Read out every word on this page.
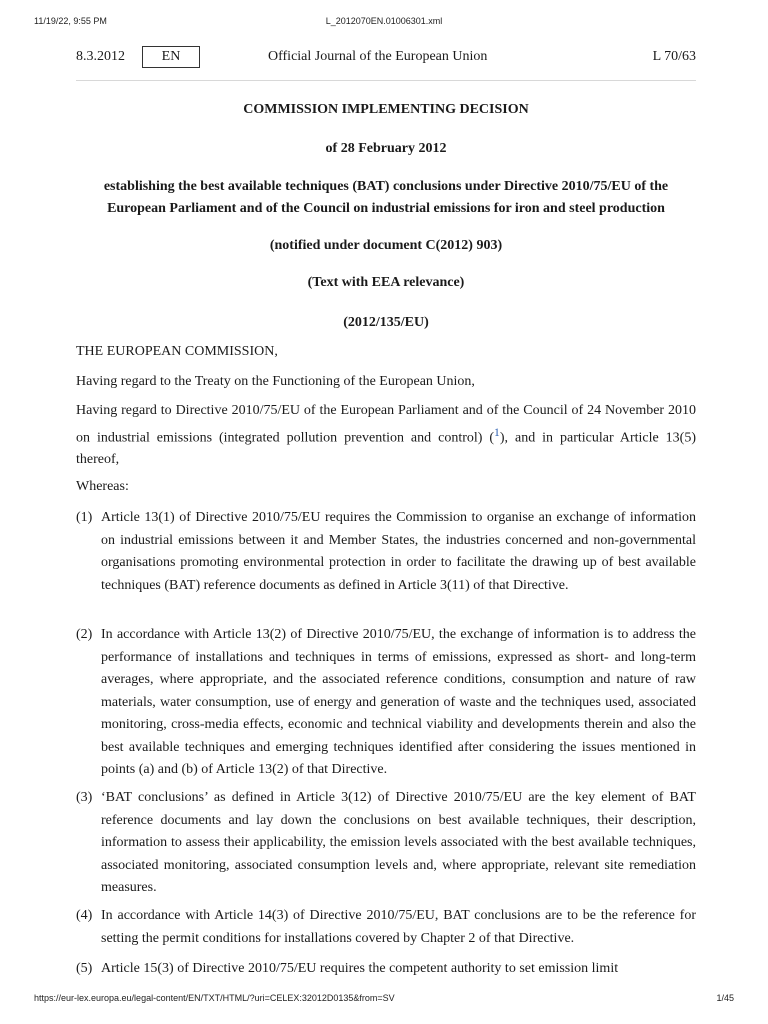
11/19/22, 9:55 PM	L_2012070EN.01006301.xml
8.3.2012	EN	Official Journal of the European Union	L 70/63
COMMISSION IMPLEMENTING DECISION
of 28 February 2012
establishing the best available techniques (BAT) conclusions under Directive 2010/75/EU of the European Parliament and of the Council on industrial emissions for iron and steel production
(notified under document C(2012) 903)
(Text with EEA relevance)
(2012/135/EU)
THE EUROPEAN COMMISSION,
Having regard to the Treaty on the Functioning of the European Union,

Having regard to Directive 2010/75/EU of the European Parliament and of the Council of 24 November 2010 on industrial emissions (integrated pollution prevention and control) ($^1$), and in particular Article 13(5) thereof,

Whereas:
(1) Article 13(1) of Directive 2010/75/EU requires the Commission to organise an exchange of information on industrial emissions between it and Member States, the industries concerned and non-governmental organisations promoting environmental protection in order to facilitate the drawing up of best available techniques (BAT) reference documents as defined in Article 3(11) of that Directive.

(2) In accordance with Article 13(2) of Directive 2010/75/EU, the exchange of information is to address the performance of installations and techniques in terms of emissions, expressed as short- and long-term averages, where appropriate, and the associated reference conditions, consumption and nature of raw materials, water consumption, use of energy and generation of waste and the techniques used, associated monitoring, cross-media effects, economic and technical viability and developments therein and also the best available techniques and emerging techniques identified after considering the issues mentioned in points (a) and (b) of Article 13(2) of that Directive.

(3) ‘BAT conclusions’ as defined in Article 3(12) of Directive 2010/75/EU are the key element of BAT reference documents and lay down the conclusions on best available techniques, their description, information to assess their applicability, the emission levels associated with the best available techniques, associated monitoring, associated consumption levels and, where appropriate, relevant site remediation measures.

(4) In accordance with Article 14(3) of Directive 2010/75/EU, BAT conclusions are to be the reference for setting the permit conditions for installations covered by Chapter 2 of that Directive.

(5) Article 15(3) of Directive 2010/75/EU requires the competent authority to set emission limit

https://eur-lex.europa.eu/legal-content/EN/TXT/HTML/?uri=CELEX:32012D0135&from=SV	1/45
